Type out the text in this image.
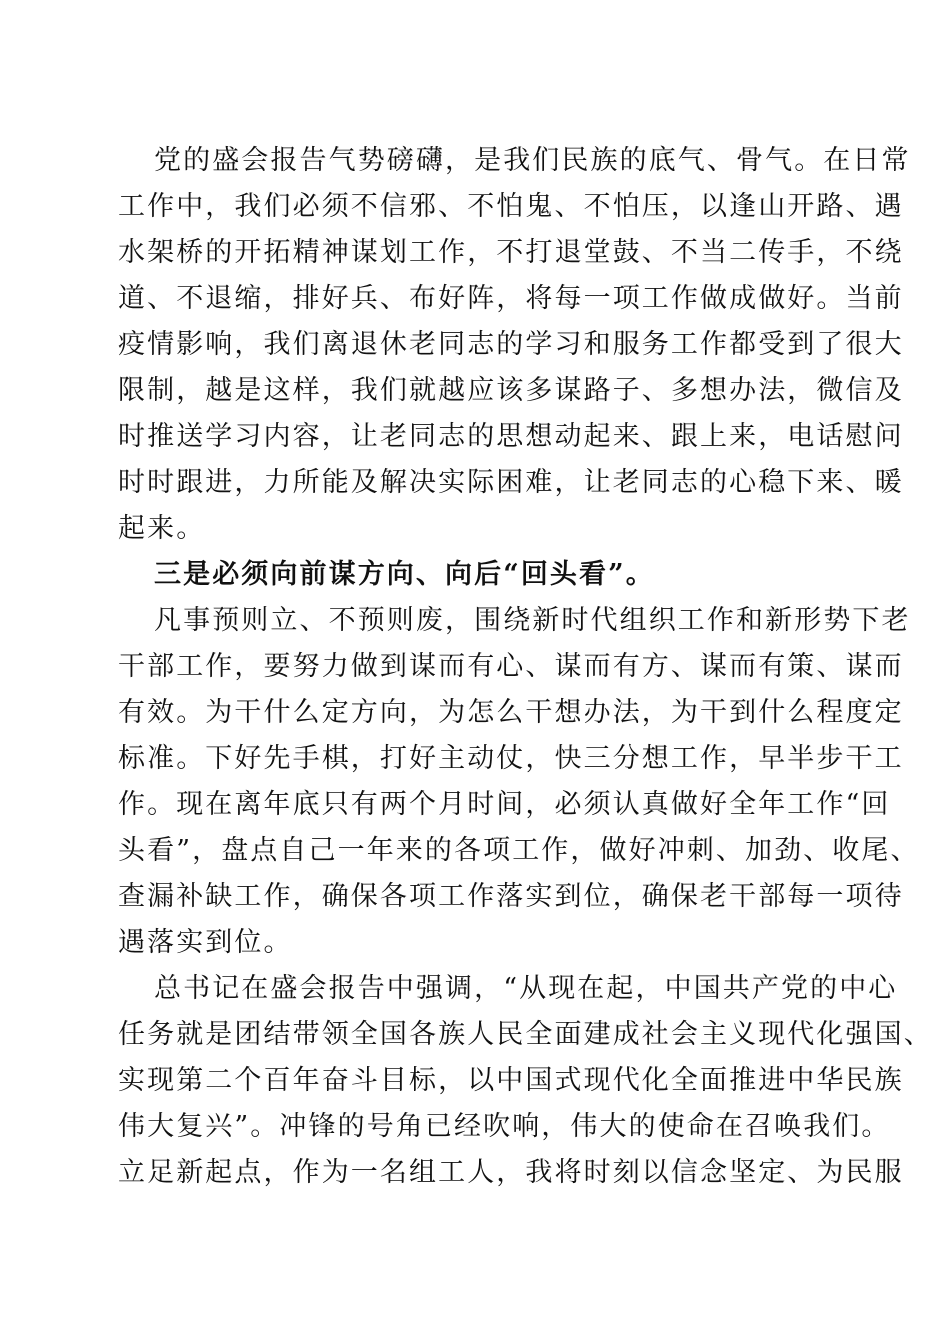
党的盛会报告气势磅礴，是我们民族的底气、骨气。在日常
工作中，我们必须不信邪、不怕鬼、不怕压，以逢山开路、遇
水架桥的开拓精神谋划工作，不打退堂鼓、不当二传手，不绕
道、不退缩，排好兵、布好阵，将每一项工作做成做好。当前
疫情影响，我们离退休老同志的学习和服务工作都受到了很大
限制，越是这样，我们就越应该多谋路子、多想办法，微信及
时推送学习内容，让老同志的思想动起来、跟上来，电话慰问
时时跟进，力所能及解决实际困难，让老同志的心稳下来、暖
起来。
三是必须向前谋方向、向后“回头看”。
凡事预则立、不预则废，围绕新时代组织工作和新形势下老
干部工作，要努力做到谋而有心、谋而有方、谋而有策、谋而
有效。为干什么定方向，为怎么干想办法，为干到什么程度定
标准。下好先手棋，打好主动仗，快三分想工作，早半步干工
作。现在离年底只有两个月时间，必须认真做好全年工作“回
头看”，盘点自己一年来的各项工作，做好冲刺、加劲、收尾、
查漏补缺工作，确保各项工作落实到位，确保老干部每一项待
遇落实到位。
总书记在盛会报告中强调，“从现在起，中国共产党的中心
任务就是团结带领全国各族人民全面建成社会主义现代化强国、
实现第二个百年奋斗目标，以中国式现代化全面推进中华民族
伟大复兴”。冲锋的号角已经吹响，伟大的使命在召唤我们。
立足新起点，作为一名组工人，我将时刻以信念坚定、为民服
